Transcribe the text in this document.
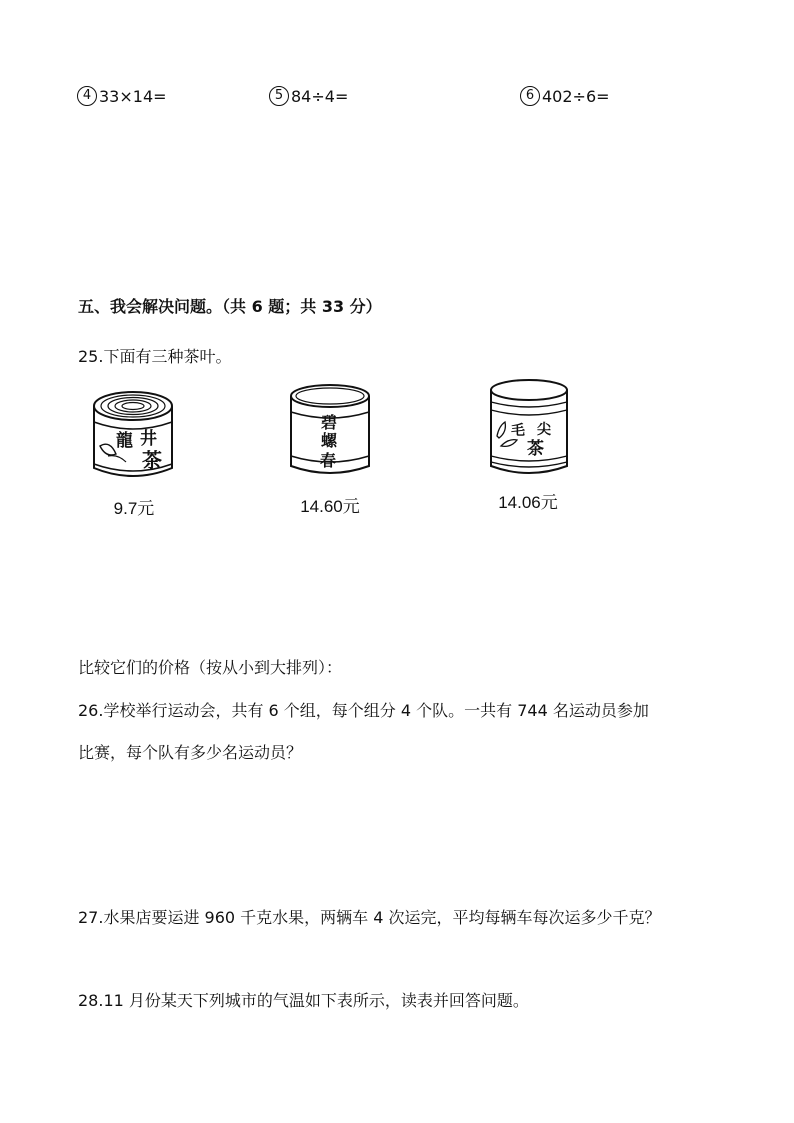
4 33×14=	5 84÷4=	6 402÷6=
五、我会解决问题。（共 6 题；共 33 分）
25.下面有三种茶叶。
龍 井
茶
9.7元
碧
螺
春
14.60元
毛 尖
茶
14.06元
比较它们的价格（按从小到大排列）：
26.学校举行运动会，共有 6 个组，每个组分 4 个队。一共有 744 名运动员参加
比赛，每个队有多少名运动员？
27.水果店要运进 960 千克水果，两辆车 4 次运完，平均每辆车每次运多少千克？
28.11 月份某天下列城市的气温如下表所示，读表并回答问题。
